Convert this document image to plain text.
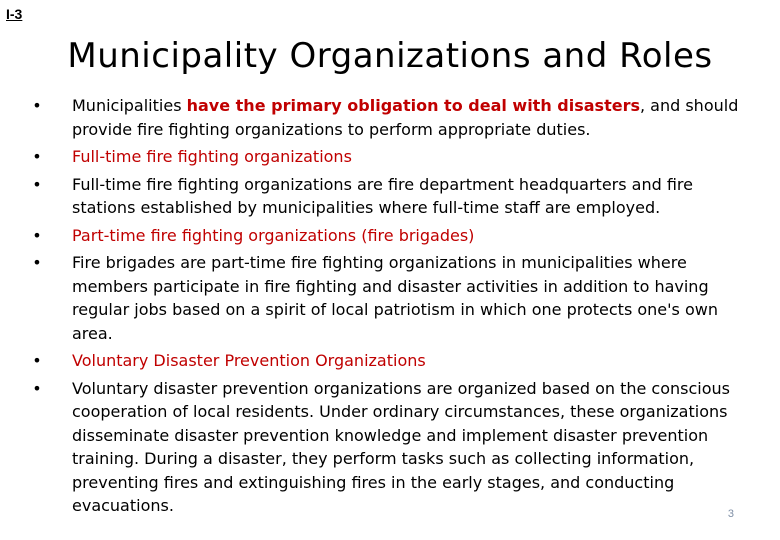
I-3
Municipality Organizations and Roles
• Municipalities have the primary obligation to deal with disasters, and should provide fire fighting organizations to perform appropriate duties.
• Full-time fire fighting organizations
• Full-time fire fighting organizations are fire department headquarters and fire stations established by municipalities where full-time staff are employed.
• Part-time fire fighting organizations (fire brigades)
• Fire brigades are part-time fire fighting organizations in municipalities where members participate in fire fighting and disaster activities in addition to having regular jobs based on a spirit of local patriotism in which one protects one's own area.
• Voluntary Disaster Prevention Organizations
• Voluntary disaster prevention organizations are organized based on the conscious cooperation of local residents. Under ordinary circumstances, these organizations disseminate disaster prevention knowledge and implement disaster prevention training. During a disaster, they perform tasks such as collecting information, preventing fires and extinguishing fires in the early stages, and conducting evacuations.	3
